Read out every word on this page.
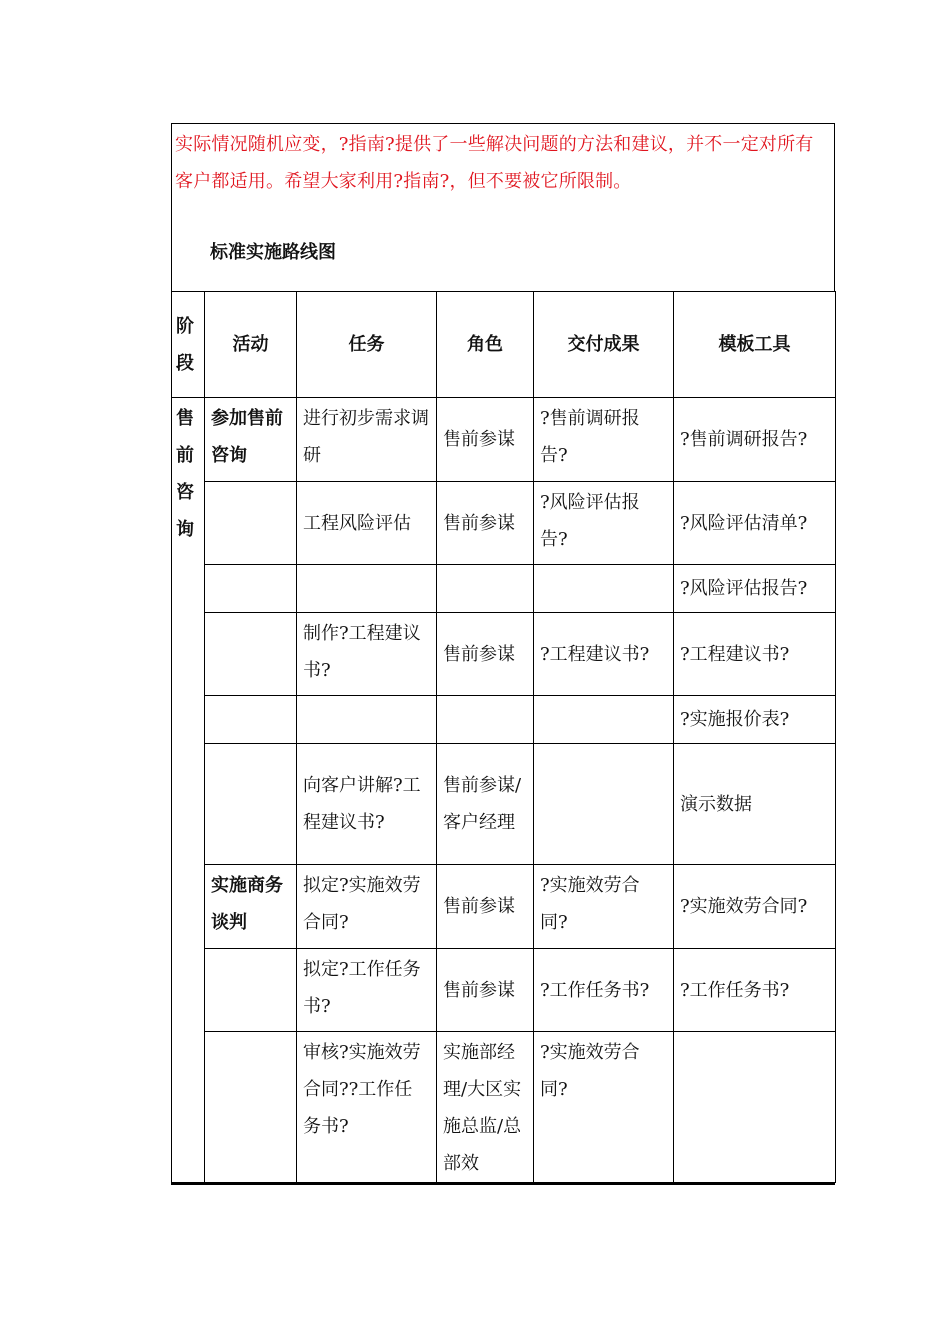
实际情况随机应变，?指南?提供了一些解决问题的方法和建议，并不一定对所有客户都适用。希望大家利用?指南?，但不要被它所限制。

标准实施路线图

阶段	活动	任务	角色	交付成果	模板工具
售前咨询	参加售前咨询	进行初步需求调研	售前参谋	?售前调研报告?	?售前调研报告?
		工程风险评估	售前参谋	?风险评估报告?	?风险评估清单?
					?风险评估报告?
		制作?工程建议书?	售前参谋	?工程建议书?	?工程建议书?
					?实施报价表?
		向客户讲解?工程建议书?	售前参谋/客户经理		演示数据
	实施商务谈判	拟定?实施效劳合同?	售前参谋	?实施效劳合同?	?实施效劳合同?
		拟定?工作任务书?	售前参谋	?工作任务书?	?工作任务书?
		审核?实施效劳合同??工作任务书?	实施部经理/大区实施总监/总部效	?实施效劳合同?	
